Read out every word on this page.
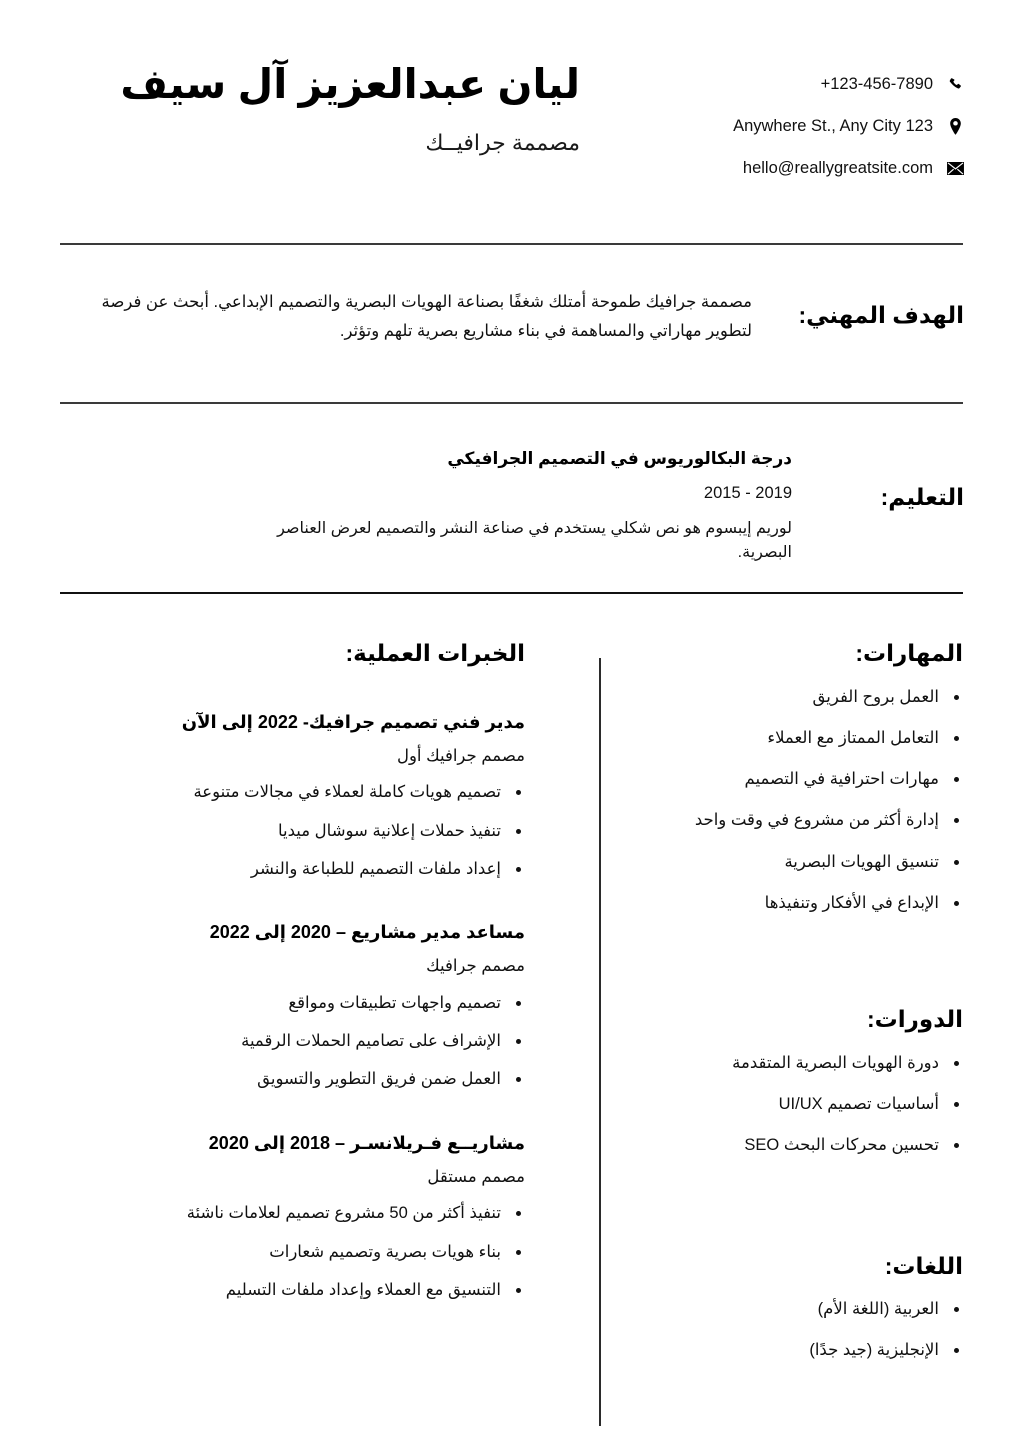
ليان عبدالعزيز آل سيف
مصممة جرافيــك
+123-456-7890
Anywhere St., Any City 123
hello@reallygreatsite.com
الهدف المهني:

مصممة جرافيك طموحة أمتلك شغفًا بصناعة الهويات البصرية والتصميم الإبداعي. أبحث عن فرصة لتطوير مهاراتي والمساهمة في بناء مشاريع بصرية تلهم وتؤثر.

التعليم:

درجة البكالوريوس في التصميم الجرافيكي

2015 - 2019

لوريم إيبسوم هو نص شكلي يستخدم في صناعة النشر والتصميم لعرض العناصر البصرية.

المهارات:
العمل بروح الفريق
التعامل الممتاز مع العملاء
مهارات احترافية في التصميم
إدارة أكثر من مشروع في وقت واحد
تنسيق الهويات البصرية
الإبداع في الأفكار وتنفيذها
الدورات:
دورة الهويات البصرية المتقدمة
أساسيات تصميم UI/UX
تحسين محركات البحث SEO
اللغات:
العربية (اللغة الأم)
الإنجليزية (جيد جدًا)
الخبرات العملية:

مدير فني تصميم جرافيك- 2022 إلى الآن

مصمم جرافيك أول

تصميم هويات كاملة لعملاء في مجالات متنوعة
تنفيذ حملات إعلانية سوشال ميديا
إعداد ملفات التصميم للطباعة والنشر

مساعد مدير مشاريع – 2020 إلى 2022

مصمم جرافيك

تصميم واجهات تطبيقات ومواقع
الإشراف على تصاميم الحملات الرقمية
العمل ضمن فريق التطوير والتسويق

مشاريــع فـريلانسـر – 2018 إلى 2020

مصمم مستقل

تنفيذ أكثر من 50 مشروع تصميم لعلامات ناشئة
بناء هويات بصرية وتصميم شعارات
التنسيق مع العملاء وإعداد ملفات التسليم
